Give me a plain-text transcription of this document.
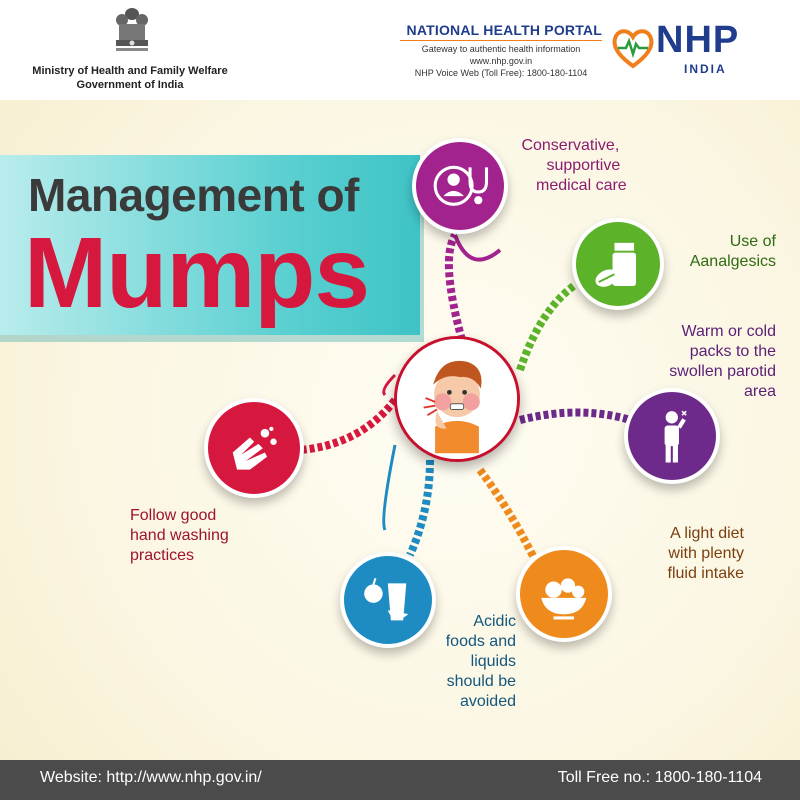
Ministry of Health and Family Welfare
Government of India
NATIONAL HEALTH PORTAL
Gateway to authentic health information
www.nhp.gov.in
NHP Voice Web (Toll Free): 1800-180-1104
NHP
INDIA
Management of
Mumps
Conservative,
supportive
medical care
Use of
Aanalgesics
Warm or cold
packs to the
swollen parotid
area
A light diet
with plenty
fluid intake
Acidic
foods and
liquids
should be
avoided
Follow good
hand washing
practices
Website: http://www.nhp.gov.in/	Toll Free no.: 1800-180-1104
